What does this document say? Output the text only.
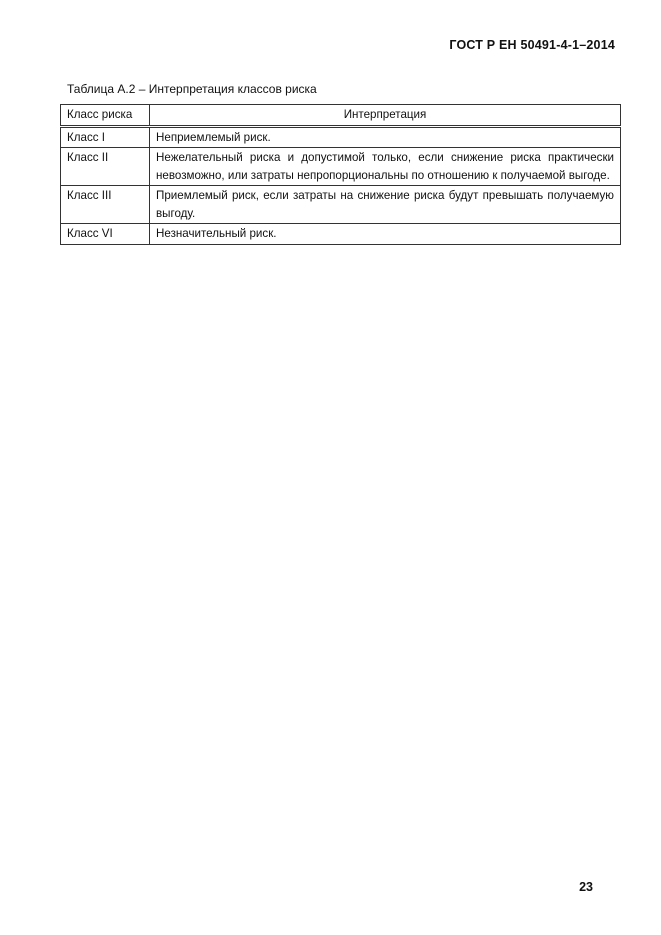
ГОСТ Р ЕН 50491-4-1–2014
Таблица А.2 – Интерпретация классов риска
Класс риска	Интерпретация
Класс I	Неприемлемый риск.
Класс II	Нежелательный риска и допустимой только, если снижение риска практически невозможно, или затраты непропорциональны по отношению к получаемой выгоде.
Класс III	Приемлемый риск, если затраты на снижение риска будут превышать получаемую выгоду.
Класс VI	Незначительный риск.
23
